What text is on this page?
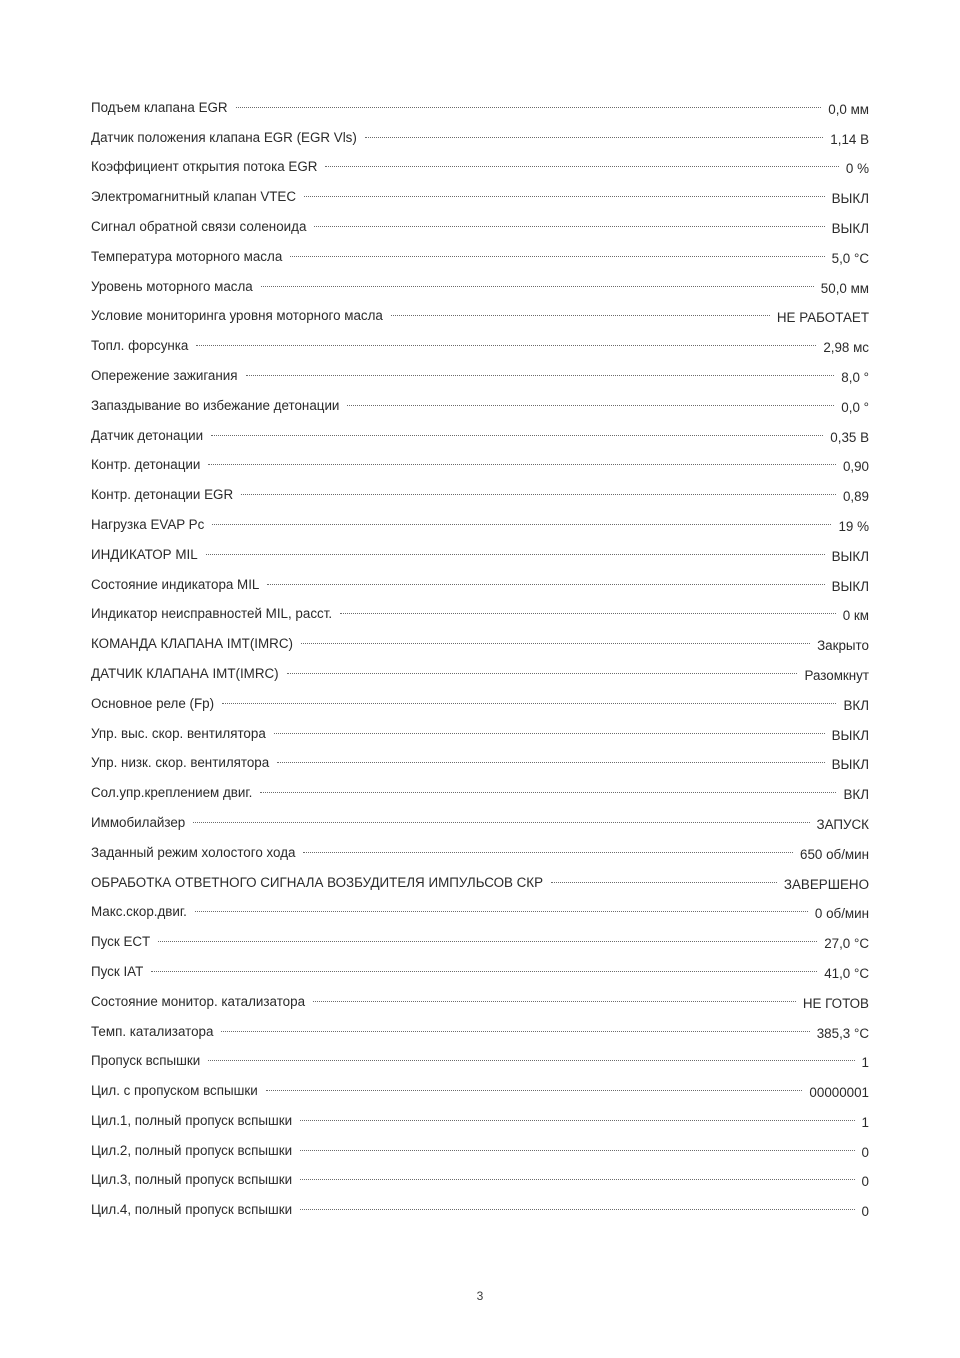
Подъем клапана EGR	0,0 мм
Датчик положения клапана EGR (EGR Vls)	1,14 В
Коэффициент открытия потока EGR	0 %
Электромагнитный клапан VTEC	ВЫКЛ
Сигнал обратной связи соленоида	ВЫКЛ
Температура моторного масла	5,0 °C
Уровень моторного масла	50,0 мм
Условие мониторинга уровня моторного масла	НЕ РАБОТАЕТ
Топл. форсунка	2,98 мс
Опережение зажигания	8,0 °
Запаздывание во избежание детонации	0,0 °
Датчик детонации	0,35 В
Контр. детонации	0,90
Контр. детонации EGR	0,89
Нагрузка EVAP Pc	19 %
ИНДИКАТОР MIL	ВЫКЛ
Состояние индикатора MIL	ВЫКЛ
Индикатор неисправностей MIL, расст.	0 км
КОМАНДА КЛАПАНА IMT(IMRC)	Закрыто
ДАТЧИК КЛАПАНА IMT(IMRC)	Разомкнут
Основное реле (Fp)	ВКЛ
Упр. выс. скор. вентилятора	ВЫКЛ
Упр. низк. скор. вентилятора	ВЫКЛ
Сол.упр.креплением двиг.	ВКЛ
Иммобилайзер	ЗАПУСК
Заданный режим холостого хода	650 об/мин
ОБРАБОТКА ОТВЕТНОГО СИГНАЛА ВОЗБУДИТЕЛЯ ИМПУЛЬСОВ СКР	ЗАВЕРШЕНО
Макс.скор.двиг.	0 об/мин
Пуск ECT	27,0 °C
Пуск IAT	41,0 °C
Состояние монитор. катализатора	НЕ ГОТОВ
Темп. катализатора	385,3 °C
Пропуск вспышки	1
Цил. с пропуском вспышки	00000001
Цил.1, полный пропуск вспышки	1
Цил.2, полный пропуск вспышки	0
Цил.3, полный пропуск вспышки	0
Цил.4, полный пропуск вспышки	0
3
